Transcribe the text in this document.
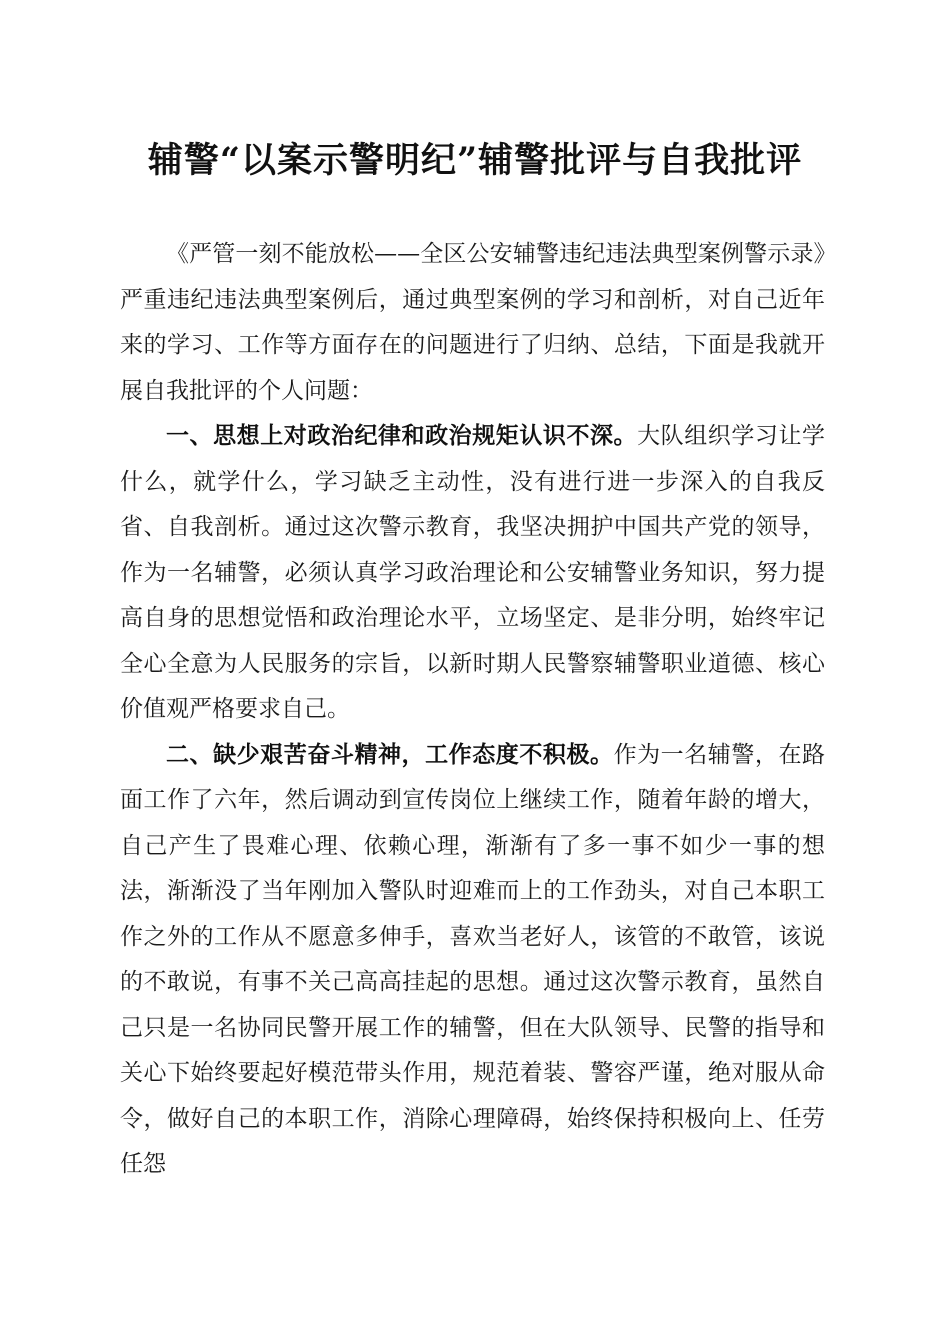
辅警“以案示警明纪”辅警批评与自我批评

《严管一刻不能放松——全区公安辅警违纪违法典型案例警示录》严重违纪违法典型案例后，通过典型案例的学习和剖析，对自己近年来的学习、工作等方面存在的问题进行了归纳、总结，下面是我就开展自我批评的个人问题：

一、思想上对政治纪律和政治规矩认识不深。大队组织学习让学什么，就学什么，学习缺乏主动性，没有进行进一步深入的自我反省、自我剖析。通过这次警示教育，我坚决拥护中国共产党的领导，作为一名辅警，必须认真学习政治理论和公安辅警业务知识，努力提高自身的思想觉悟和政治理论水平，立场坚定、是非分明，始终牢记全心全意为人民服务的宗旨，以新时期人民警察辅警职业道德、核心价值观严格要求自己。

二、缺少艰苦奋斗精神，工作态度不积极。作为一名辅警，在路面工作了六年，然后调动到宣传岗位上继续工作，随着年龄的增大，自己产生了畏难心理、依赖心理，渐渐有了多一事不如少一事的想法，渐渐没了当年刚加入警队时迎难而上的工作劲头，对自己本职工作之外的工作从不愿意多伸手，喜欢当老好人，该管的不敢管，该说的不敢说，有事不关己高高挂起的思想。通过这次警示教育，虽然自己只是一名协同民警开展工作的辅警，但在大队领导、民警的指导和关心下始终要起好模范带头作用，规范着装、警容严谨，绝对服从命令，做好自己的本职工作，消除心理障碍，始终保持积极向上、任劳任怨
